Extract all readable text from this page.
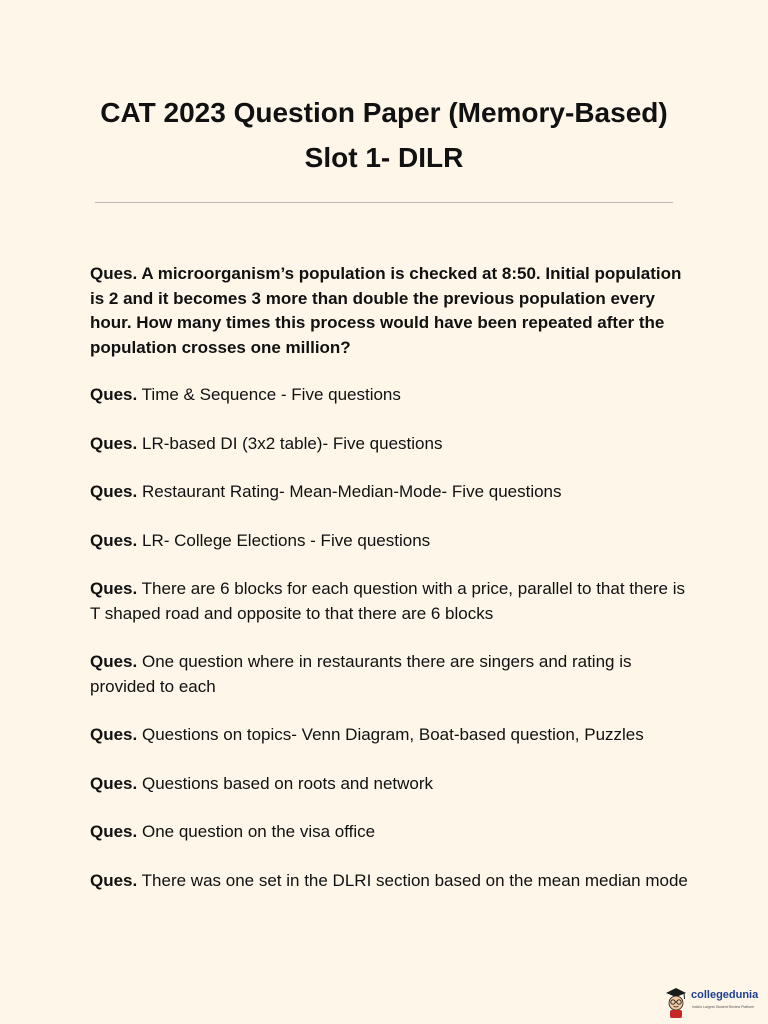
CAT 2023 Question Paper (Memory-Based)
Slot 1- DILR
Ques. A microorganism’s population is checked at 8:50. Initial population is 2 and it becomes 3 more than double the previous population every hour. How many times this process would have been repeated after the population crosses one million?
Ques. Time & Sequence - Five questions
Ques. LR-based DI (3x2 table)- Five questions
Ques. Restaurant Rating- Mean-Median-Mode- Five questions
Ques. LR- College Elections - Five questions
Ques. There are 6 blocks for each question with a price, parallel to that there is T shaped road and opposite to that there are 6 blocks
Ques. One question where in restaurants there are singers and rating is provided to each
Ques. Questions on topics- Venn Diagram, Boat-based question, Puzzles
Ques. Questions based on roots and network
Ques. One question on the visa office
Ques. There was one set in the DLRI section based on the mean median mode
collegedunia
India's Largest Student Review Platform
